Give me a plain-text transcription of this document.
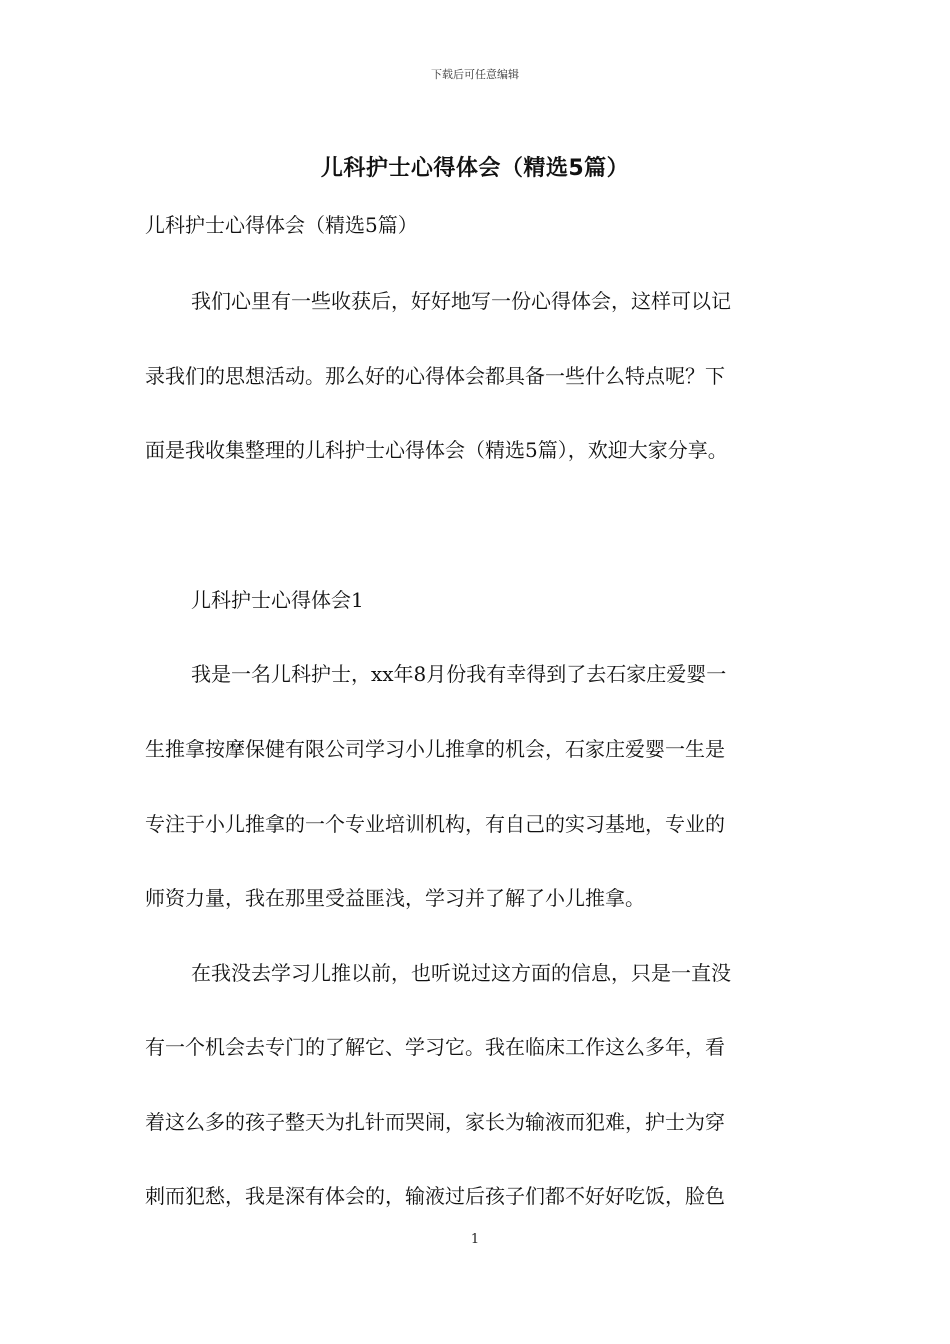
下载后可任意编辑
儿科护士心得体会（精选5篇）
儿科护士心得体会（精选5篇）
我们心里有一些收获后，好好地写一份心得体会，这样可以记
录我们的思想活动。那么好的心得体会都具备一些什么特点呢？下
面是我收集整理的儿科护士心得体会（精选5篇），欢迎大家分享。
儿科护士心得体会1
我是一名儿科护士，xx年8月份我有幸得到了去石家庄爱婴一
生推拿按摩保健有限公司学习小儿推拿的机会，石家庄爱婴一生是
专注于小儿推拿的一个专业培训机构，有自己的实习基地，专业的
师资力量，我在那里受益匪浅，学习并了解了小儿推拿。
在我没去学习儿推以前，也听说过这方面的信息，只是一直没
有一个机会去专门的了解它、学习它。我在临床工作这么多年，看
着这么多的孩子整天为扎针而哭闹，家长为输液而犯难，护士为穿
刺而犯愁，我是深有体会的，输液过后孩子们都不好好吃饭，脸色
1
